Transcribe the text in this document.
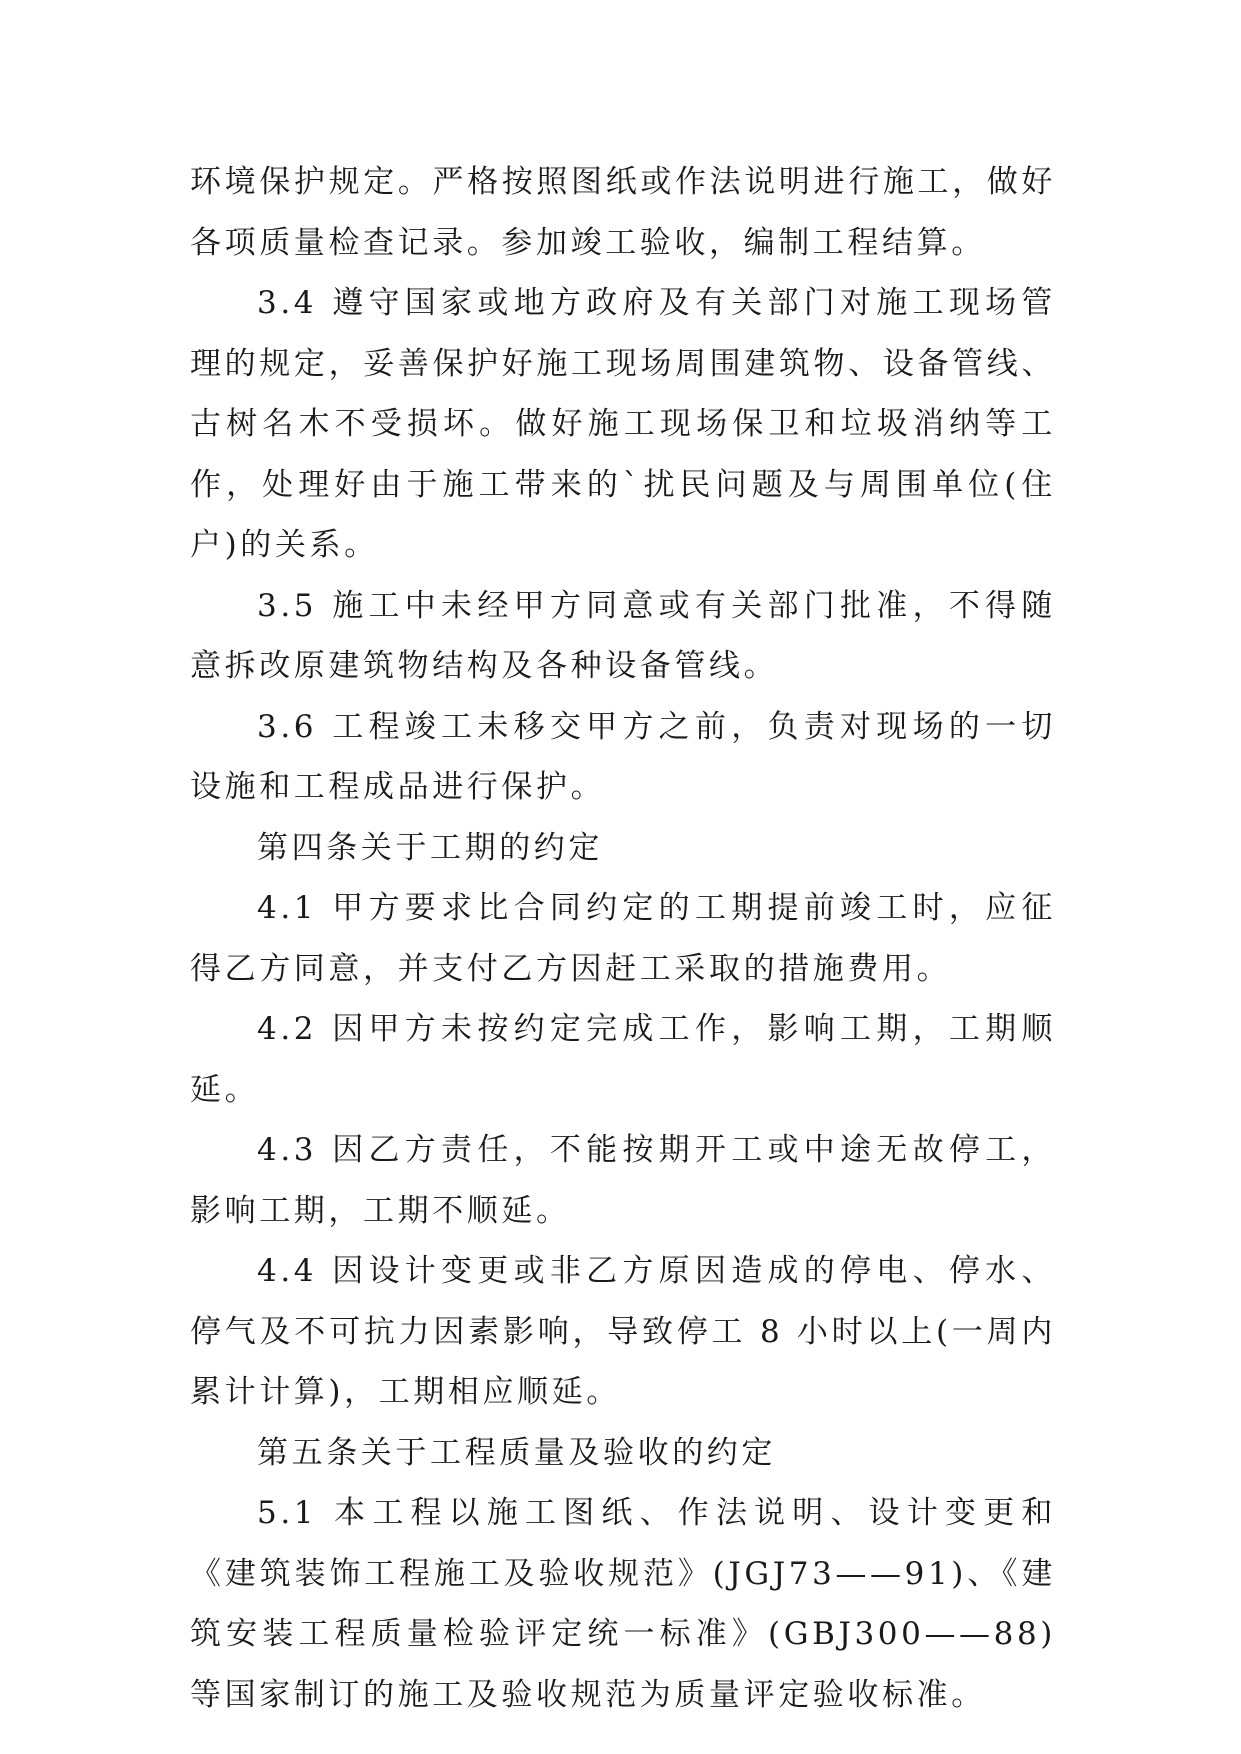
环境保护规定。严格按照图纸或作法说明进行施工，做好各项质量检查记录。参加竣工验收，编制工程结算。

3.4 遵守国家或地方政府及有关部门对施工现场管理的规定，妥善保护好施工现场周围建筑物、设备管线、古树名木不受损坏。做好施工现场保卫和垃圾消纳等工作，处理好由于施工带来的`扰民问题及与周围单位(住户)的关系。

3.5 施工中未经甲方同意或有关部门批准，不得随意拆改原建筑物结构及各种设备管线。

3.6 工程竣工未移交甲方之前，负责对现场的一切设施和工程成品进行保护。

第四条关于工期的约定

4.1 甲方要求比合同约定的工期提前竣工时，应征得乙方同意，并支付乙方因赶工采取的措施费用。

4.2 因甲方未按约定完成工作，影响工期，工期顺延。

4.3 因乙方责任，不能按期开工或中途无故停工，影响工期，工期不顺延。

4.4 因设计变更或非乙方原因造成的停电、停水、停气及不可抗力因素影响，导致停工 8 小时以上(一周内累计计算)，工期相应顺延。

第五条关于工程质量及验收的约定

5.1 本工程以施工图纸、作法说明、设计变更和《建筑装饰工程施工及验收规范》(JGJ73——91)、《建筑安装工程质量检验评定统一标准》(GBJ300——88)等国家制订的施工及验收规范为质量评定验收标准。
